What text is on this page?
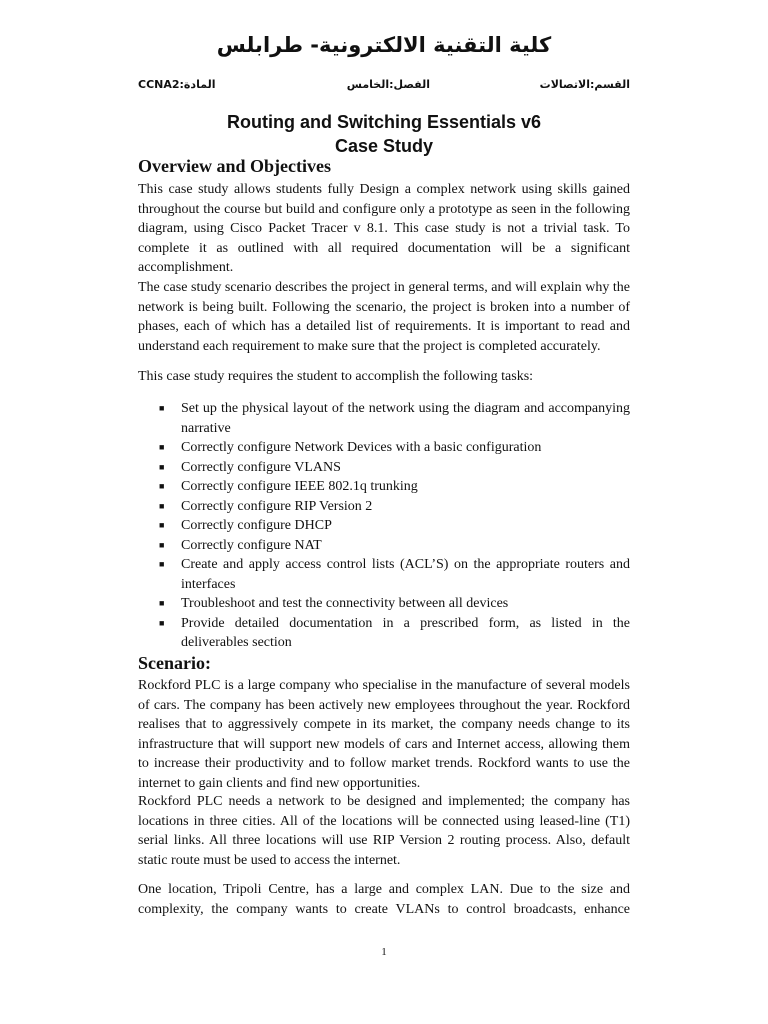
كلية التقنية الالكترونية- طرابلس
القسم:الاتصالات
الفصل:الخامس
المادة:CCNA2
Routing and Switching Essentials v6
Case Study
Overview and Objectives

This case study allows students fully Design a complex network using skills gained throughout the course but build and configure only a prototype as seen in the following diagram, using Cisco Packet Tracer v 8.1. This case study is not a trivial task. To complete it as outlined with all required documentation will be a significant accomplishment.

The case study scenario describes the project in general terms, and will explain why the network is being built. Following the scenario, the project is broken into a number of phases, each of which has a detailed list of requirements. It is important to read and understand each requirement to make sure that the project is completed accurately.

This case study requires the student to accomplish the following tasks:

■ Set up the physical layout of the network using the diagram and accompanying narrative
■ Correctly configure Network Devices with a basic configuration
■ Correctly configure VLANS
■ Correctly configure IEEE 802.1q trunking
■ Correctly configure RIP Version 2
■ Correctly configure DHCP
■ Correctly configure NAT
■ Create and apply access control lists (ACL’S) on the appropriate routers and interfaces
■ Troubleshoot and test the connectivity between all devices
■ Provide detailed documentation in a prescribed form, as listed in the deliverables section
Scenario:

Rockford PLC is a large company who specialise in the manufacture of several models of cars. The company has been actively new employees throughout the year. Rockford realises that to aggressively compete in its market, the company needs change to its infrastructure that will support new models of cars and Internet access, allowing them to increase their productivity and to follow market trends. Rockford wants to use the internet to gain clients and find new opportunities.

Rockford PLC needs a network to be designed and implemented; the company has locations in three cities. All of the locations will be connected using leased-line (T1) serial links. All three locations will use RIP Version 2 routing process. Also, default static route must be used to access the internet.

One location, Tripoli Centre, has a large and complex LAN. Due to the size and complexity, the company wants to create VLANs to control broadcasts, enhance

1
